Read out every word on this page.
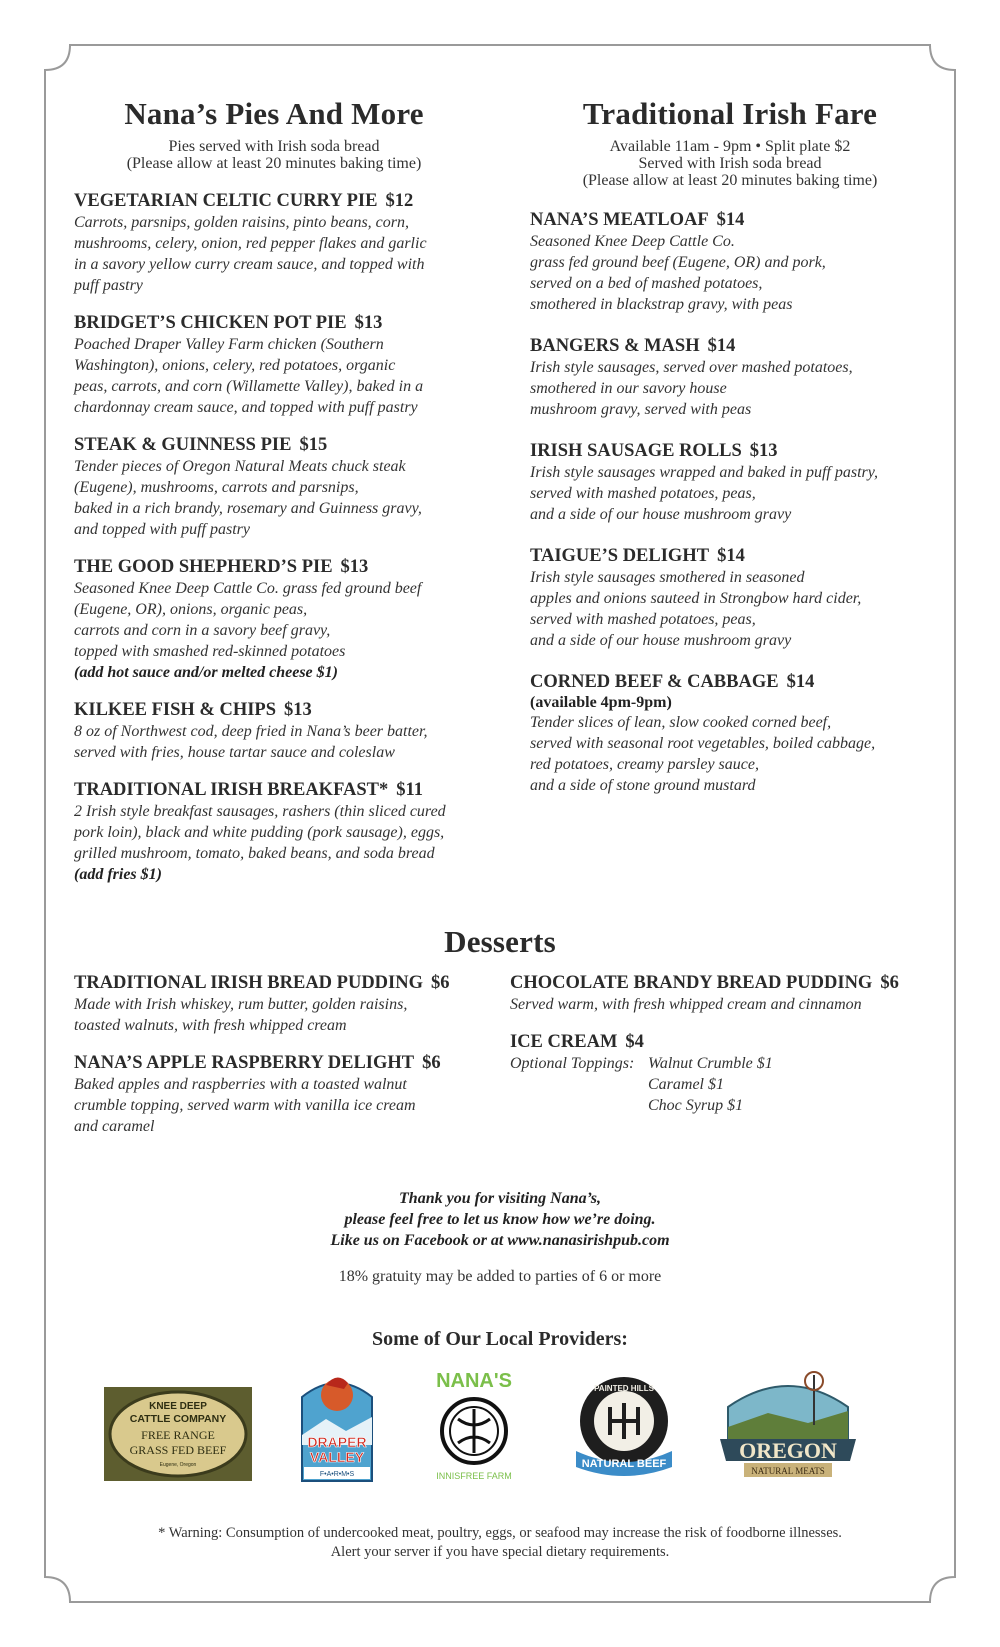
Nana’s Pies And More
Pies served with Irish soda bread
(Please allow at least 20 minutes baking time)
VEGETARIAN CELTIC CURRY PIE $12
Carrots, parsnips, golden raisins, pinto beans, corn,
mushrooms, celery, onion, red pepper flakes and garlic
in a savory yellow curry cream sauce, and topped with
puff pastry
BRIDGET’S CHICKEN POT PIE $13
Poached Draper Valley Farm chicken (Southern
Washington), onions, celery, red potatoes, organic
peas, carrots, and corn (Willamette Valley), baked in a
chardonnay cream sauce, and topped with puff pastry
STEAK & GUINNESS PIE $15
Tender pieces of Oregon Natural Meats chuck steak
(Eugene), mushrooms, carrots and parsnips,
baked in a rich brandy, rosemary and Guinness gravy,
and topped with puff pastry
THE GOOD SHEPHERD’S PIE $13
Seasoned Knee Deep Cattle Co. grass fed ground beef
(Eugene, OR), onions, organic peas,
carrots and corn in a savory beef gravy,
topped with smashed red-skinned potatoes
(add hot sauce and/or melted cheese $1)
KILKEE FISH & CHIPS $13
8 oz of Northwest cod, deep fried in Nana’s beer batter,
served with fries, house tartar sauce and coleslaw
TRADITIONAL IRISH BREAKFAST* $11
2 Irish style breakfast sausages, rashers (thin sliced cured
pork loin), black and white pudding (pork sausage), eggs,
grilled mushroom, tomato, baked beans, and soda bread
(add fries $1)
Traditional Irish Fare
Available 11am - 9pm • Split plate $2
Served with Irish soda bread
(Please allow at least 20 minutes baking time)
NANA’S MEATLOAF $14
Seasoned Knee Deep Cattle Co.
grass fed ground beef (Eugene, OR) and pork,
served on a bed of mashed potatoes,
smothered in blackstrap gravy, with peas
BANGERS & MASH $14
Irish style sausages, served over mashed potatoes,
smothered in our savory house
mushroom gravy, served with peas
IRISH SAUSAGE ROLLS $13
Irish style sausages wrapped and baked in puff pastry,
served with mashed potatoes, peas,
and a side of our house mushroom gravy
TAIGUE’S DELIGHT $14
Irish style sausages smothered in seasoned
apples and onions sauteed in Strongbow hard cider,
served with mashed potatoes, peas,
and a side of our house mushroom gravy
CORNED BEEF & CABBAGE $14
(available 4pm-9pm)
Tender slices of lean, slow cooked corned beef,
served with seasonal root vegetables, boiled cabbage,
red potatoes, creamy parsley sauce,
and a side of stone ground mustard
Desserts
TRADITIONAL IRISH BREAD PUDDING $6
Made with Irish whiskey, rum butter, golden raisins,
toasted walnuts, with fresh whipped cream
NANA’S APPLE RASPBERRY DELIGHT $6
Baked apples and raspberries with a toasted walnut
crumble topping, served warm with vanilla ice cream
and caramel
CHOCOLATE BRANDY BREAD PUDDING $6
Served warm, with fresh whipped cream and cinnamon
ICE CREAM $4
Optional Toppings: Walnut Crumble $1
Caramel $1
Choc Syrup $1
Thank you for visiting Nana’s,
please feel free to let us know how we’re doing.
Like us on Facebook or at www.nanasirishpub.com
18% gratuity may be added to parties of 6 or more
Some of Our Local Providers:
KNEE DEEP
CATTLE COMPANY
FREE RANGE
GRASS FED BEEF
Eugene, Oregon
DRAPER
VALLEY
F•A•R•M•S
NANA'S
INNISFREE FARM
PAINTED HILLS
NATURAL BEEF
OREGON
NATURAL MEATS
* Warning: Consumption of undercooked meat, poultry, eggs, or seafood may increase the risk of foodborne illnesses.
Alert your server if you have special dietary requirements.
